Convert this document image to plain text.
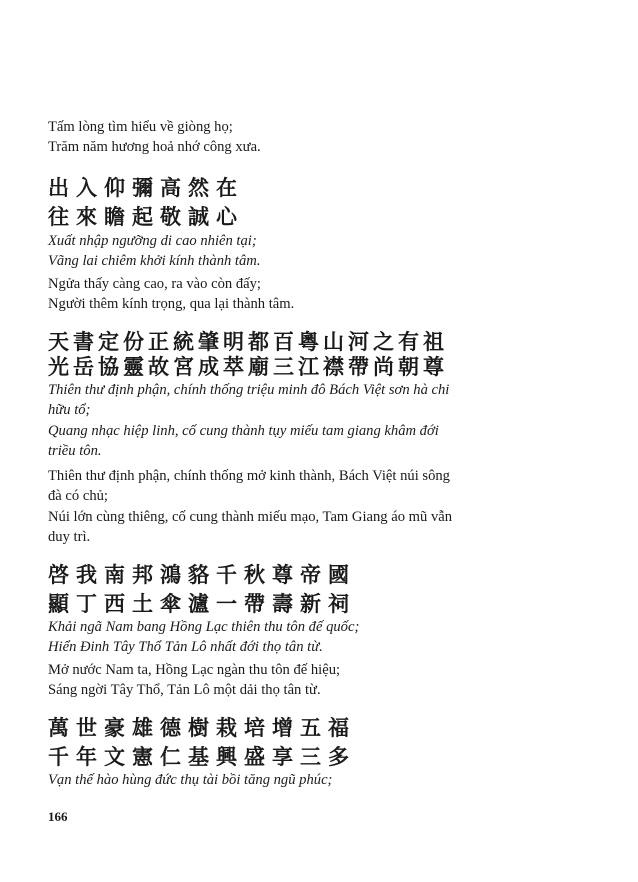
Tấm lòng tìm hiểu về giòng họ;
Trăm năm hương hoả nhớ công xưa.
出入仰彌高然在
往來瞻起敬誠心
Xuất nhập ngưỡng di cao nhiên tại;
Vãng lai chiêm khởi kính thành tâm.
Ngửa thấy càng cao, ra vào còn đấy;
Người thêm kính trọng, qua lại thành tâm.
天書定份正統肇明都百粵山河之有祖
光岳協靈故宮成萃廟三江襟帶尚朝尊
Thiên thư định phận, chính thống triệu minh đô Bách Việt sơn hà chi
hữu tổ;
Quang nhạc hiệp linh, cố cung thành tụy miếu tam giang khâm đới
triều tôn.
Thiên thư định phận, chính thống mở kinh thành, Bách Việt núi sông
đà có chủ;
Núi lớn cùng thiêng, cố cung thành miếu mạo, Tam Giang áo mũ vẫn
duy trì.
啓我南邦鴻貉千秋尊帝國
顯丁西土傘瀘一帶壽新祠
Khải ngã Nam bang Hồng Lạc thiên thu tôn đế quốc;
Hiển Đinh Tây Thổ Tản Lô nhất đới thọ tân từ.
Mở nước Nam ta, Hồng Lạc ngàn thu tôn đế hiệu;
Sáng ngời Tây Thổ, Tản Lô một dải thọ tân từ.
萬世豪雄德樹栽培增五福
千年文憲仁基興盛享三多
Vạn thế hào hùng đức thụ tài bồi tăng ngũ phúc;
166
